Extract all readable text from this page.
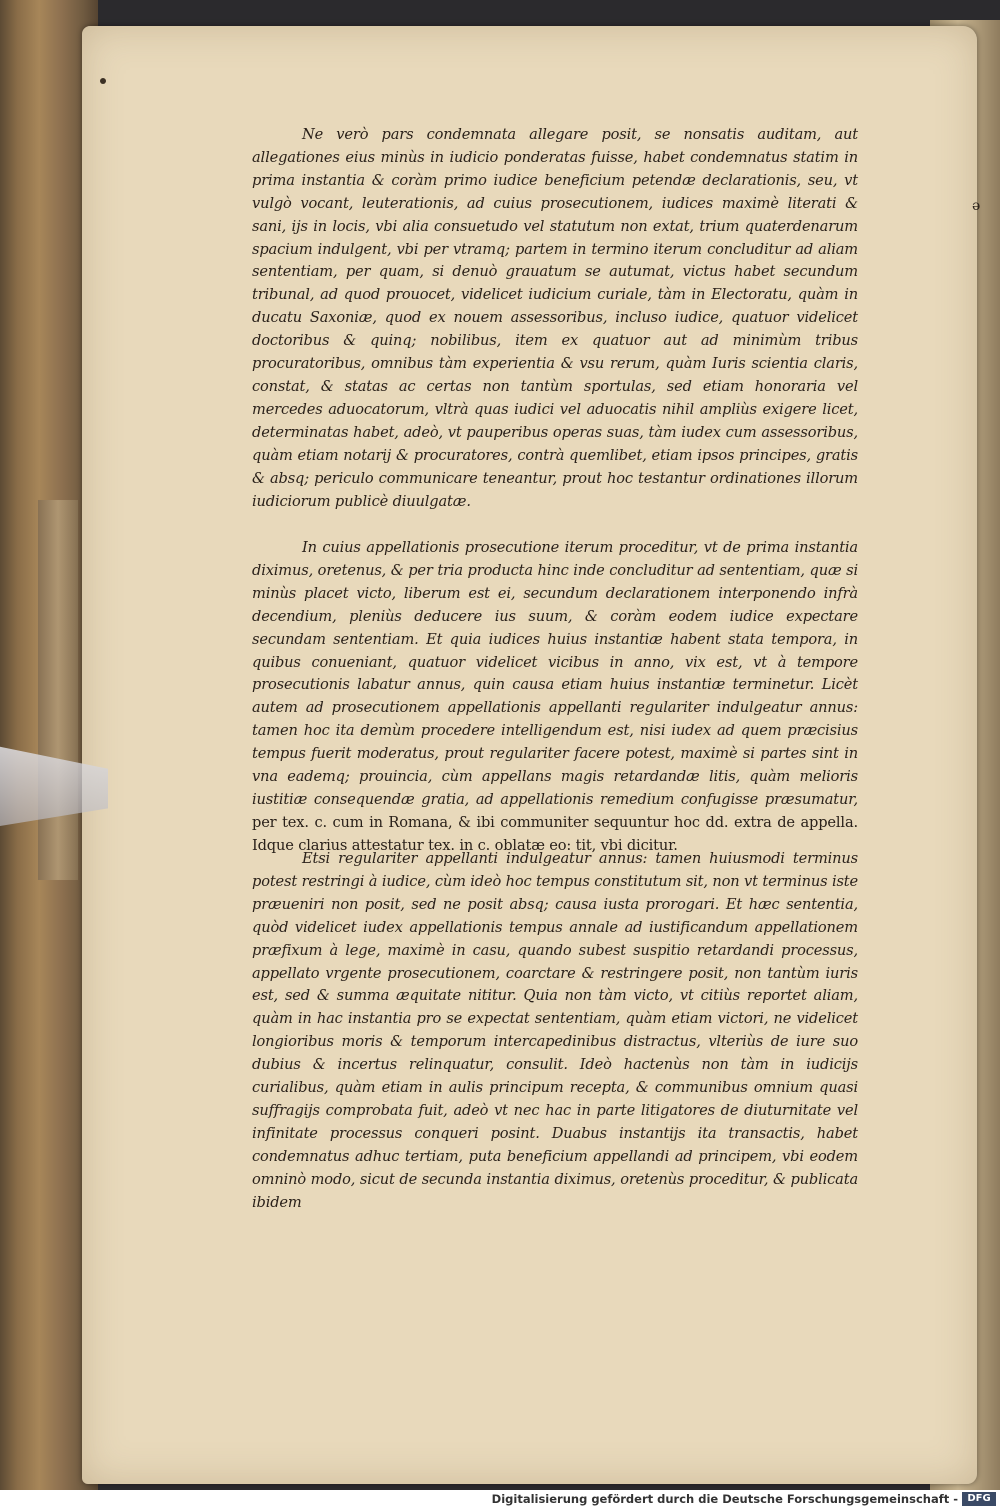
ǝ

Ne verò pars condemnata allegare posit, se nonsatis auditam, aut allegationes eius minùs in iudicio ponderatas fuisse, habet condemnatus statim in prima instantia & coràm primo iudice beneficium petendæ declarationis, seu, vt vulgò vocant, leuterationis, ad cuius prosecutionem, iudices maximè literati & sani, ijs in locis, vbi alia consuetudo vel statutum non extat, trium quaterdenarum spacium indulgent, vbi per vtramq; partem in termino iterum concluditur ad aliam sententiam, per quam, si denuò grauatum se autumat, victus habet secundum tribunal, ad quod prouocet, videlicet iudicium curiale, tàm in Electoratu, quàm in ducatu Saxoniæ, quod ex nouem assessoribus, incluso iudice, quatuor videlicet doctoribus & quinq; nobilibus, item ex quatuor aut ad minimùm tribus procuratoribus, omnibus tàm experientia & vsu rerum, quàm Iuris scientia claris, constat, & statas ac certas non tantùm sportulas, sed etiam honoraria vel mercedes aduocatorum, vltrà quas iudici vel aduocatis nihil ampliùs exigere licet, determinatas habet, adeò, vt pauperibus operas suas, tàm iudex cum assessoribus, quàm etiam notarij & procuratores, contrà quemlibet, etiam ipsos principes, gratis & absq; periculo communicare teneantur, prout hoc testantur ordinationes illorum iudiciorum publicè diuulgatæ.

In cuius appellationis prosecutione iterum proceditur, vt de prima instantia diximus, oretenus, & per tria producta hinc inde concluditur ad sententiam, quæ si minùs placet victo, liberum est ei, secundum declarationem interponendo infrà decendium, pleniùs deducere ius suum, & coràm eodem iudice expectare secundam sententiam. Et quia iudices huius instantiæ habent stata tempora, in quibus conueniant, quatuor videlicet vicibus in anno, vix est, vt à tempore prosecutionis labatur annus, quin causa etiam huius instantiæ terminetur. Licèt autem ad prosecutionem appellationis appellanti regulariter indulgeatur annus: tamen hoc ita demùm procedere intelligendum est, nisi iudex ad quem præcisius tempus fuerit moderatus, prout regulariter facere potest, maximè si partes sint in vna eademq; prouincia, cùm appellans magis retardandæ litis, quàm melioris iustitiæ consequendæ gratia, ad appellationis remedium confugisse præsumatur, per tex. c. cum in Romana, & ibi communiter sequuntur hoc dd. extra de appella. Idque clarius attestatur tex. in c. oblatæ eo: tit, vbi dicitur.

Etsi regulariter appellanti indulgeatur annus: tamen huiusmodi terminus potest restringi à iudice, cùm ideò hoc tempus constitutum sit, non vt terminus iste præueniri non posit, sed ne posit absq; causa iusta prorogari. Et hæc sententia, quòd videlicet iudex appellationis tempus annale ad iustificandum appellationem præfixum à lege, maximè in casu, quando subest suspitio retardandi processus, appellato vrgente prosecutionem, coarctare & restringere posit, non tantùm iuris est, sed & summa æquitate nititur. Quia non tàm victo, vt citiùs reportet aliam, quàm in hac instantia pro se expectat sententiam, quàm etiam victori, ne videlicet longioribus moris & temporum intercapedinibus distractus, vlteriùs de iure suo dubius & incertus relinquatur, consulit. Ideò hactenùs non tàm in iudicijs curialibus, quàm etiam in aulis principum recepta, & communibus omnium quasi suffragijs comprobata fuit, adeò vt nec hac in parte litigatores de diuturnitate vel infinitate processus conqueri posint. Duabus instantijs ita transactis, habet condemnatus adhuc tertiam, puta beneficium appellandi ad principem, vbi eodem omninò modo, sicut de secunda instantia diximus, oretenùs proceditur, & publicata ibidem

Digitalisierung gefördert durch die Deutsche Forschungsgemeinschaft - DFG
